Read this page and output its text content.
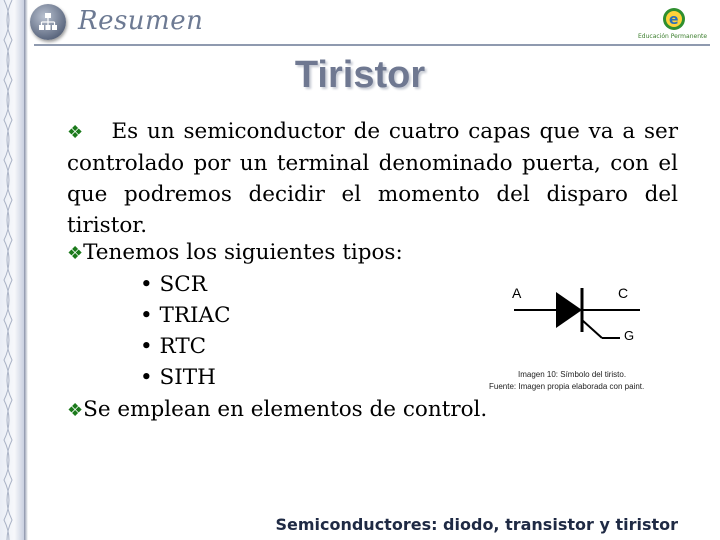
Resumen	e
Educación Permanente
Tiristor
❖ Es un semiconductor de cuatro capas que va a ser controlado por un terminal denominado puerta, con el que podremos decidir el momento del disparo del tiristor.
❖Tenemos los siguientes tipos:
• SCR
• TRIAC
• RTC
• SITH
A	C
G
Imagen 10: Símbolo del tiristo.
Fuente: Imagen propia elaborada con paint.
❖Se emplean en elementos de control.
Semiconductores: diodo, transistor y tiristor
